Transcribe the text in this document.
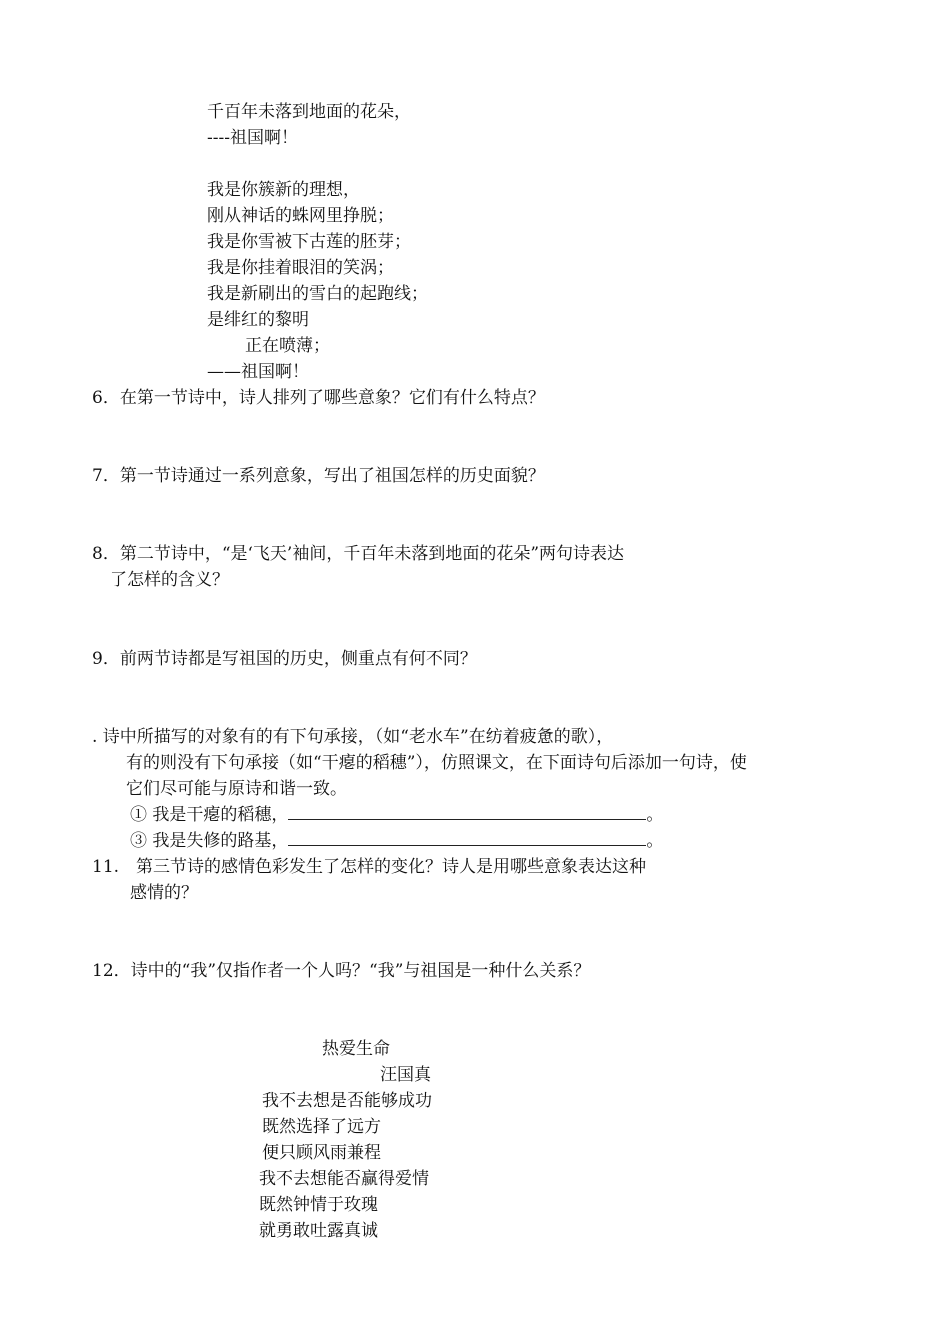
千百年未落到地面的花朵，

----祖国啊！

我是你簇新的理想，

刚从神话的蛛网里挣脱；

我是你雪被下古莲的胚芽；

我是你挂着眼泪的笑涡；

我是新刷出的雪白的起跑线；

是绯红的黎明

正在喷薄；

——祖国啊！

6．在第一节诗中，诗人排列了哪些意象？它们有什么特点？

7．第一节诗通过一系列意象，写出了祖国怎样的历史面貌？

8．第二节诗中，“是‘飞天’袖间，千百年未落到地面的花朵”两句诗表达

了怎样的含义？

9．前两节诗都是写祖国的历史，侧重点有何不同？

. 诗中所描写的对象有的有下句承接，（如“老水车”在纺着疲惫的歌），

有的则没有下句承接（如“干瘪的稻穗”），仿照课文，在下面诗句后添加一句诗，使

它们尽可能与原诗和谐一致。

① 我是干瘪的稻穗，	。

③ 我是失修的路基，	。

11.　第三节诗的感情色彩发生了怎样的变化？诗人是用哪些意象表达这种

感情的？

12．诗中的“我”仅指作者一个人吗？“我”与祖国是一种什么关系？

热爱生命

汪国真

我不去想是否能够成功

既然选择了远方

便只顾风雨兼程

我不去想能否赢得爱情

既然钟情于玫瑰

就勇敢吐露真诚
